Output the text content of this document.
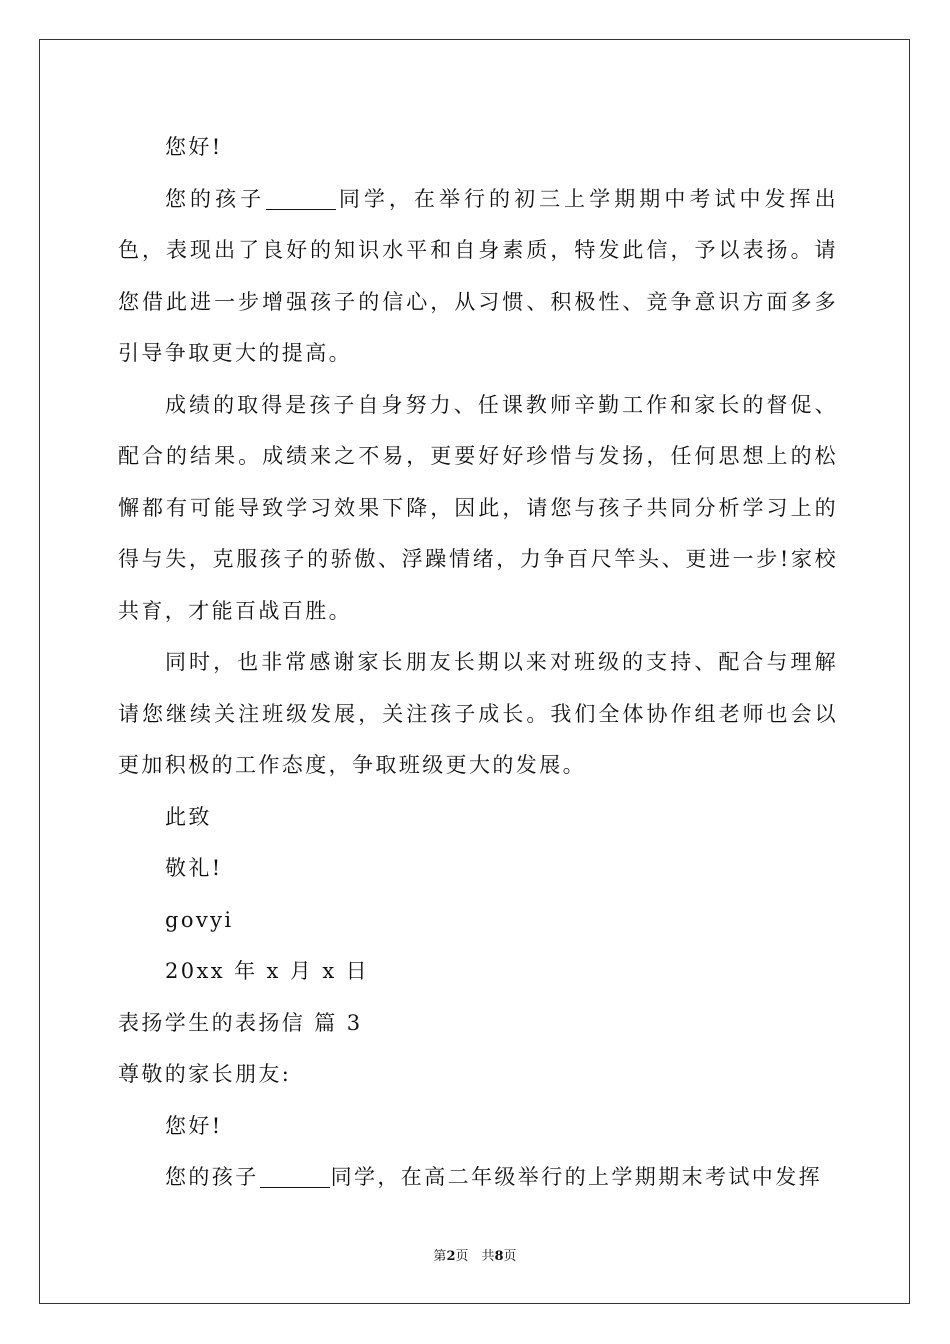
您好!

您的孩子	同学，在举行的初三上学期期中考试中发挥出色，表现出了良好的知识水平和自身素质，特发此信，予以表扬。请您借此进一步增强孩子的信心，从习惯、积极性、竞争意识方面多多引导争取更大的提高。

成绩的取得是孩子自身努力、任课教师辛勤工作和家长的督促、配合的结果。成绩来之不易，更要好好珍惜与发扬，任何思想上的松懈都有可能导致学习效果下降，因此，请您与孩子共同分析学习上的得与失，克服孩子的骄傲、浮躁情绪，力争百尺竿头、更进一步!家校共育，才能百战百胜。

同时，也非常感谢家长朋友长期以来对班级的支持、配合与理解请您继续关注班级发展，关注孩子成长。我们全体协作组老师也会以更加积极的工作态度，争取班级更大的发展。

此致

敬礼!

govyi

20xx 年 x 月 x 日

表扬学生的表扬信 篇 3

尊敬的家长朋友:

您好!

您的孩子	同学，在高二年级举行的上学期期末考试中发挥

第2页　共8页
